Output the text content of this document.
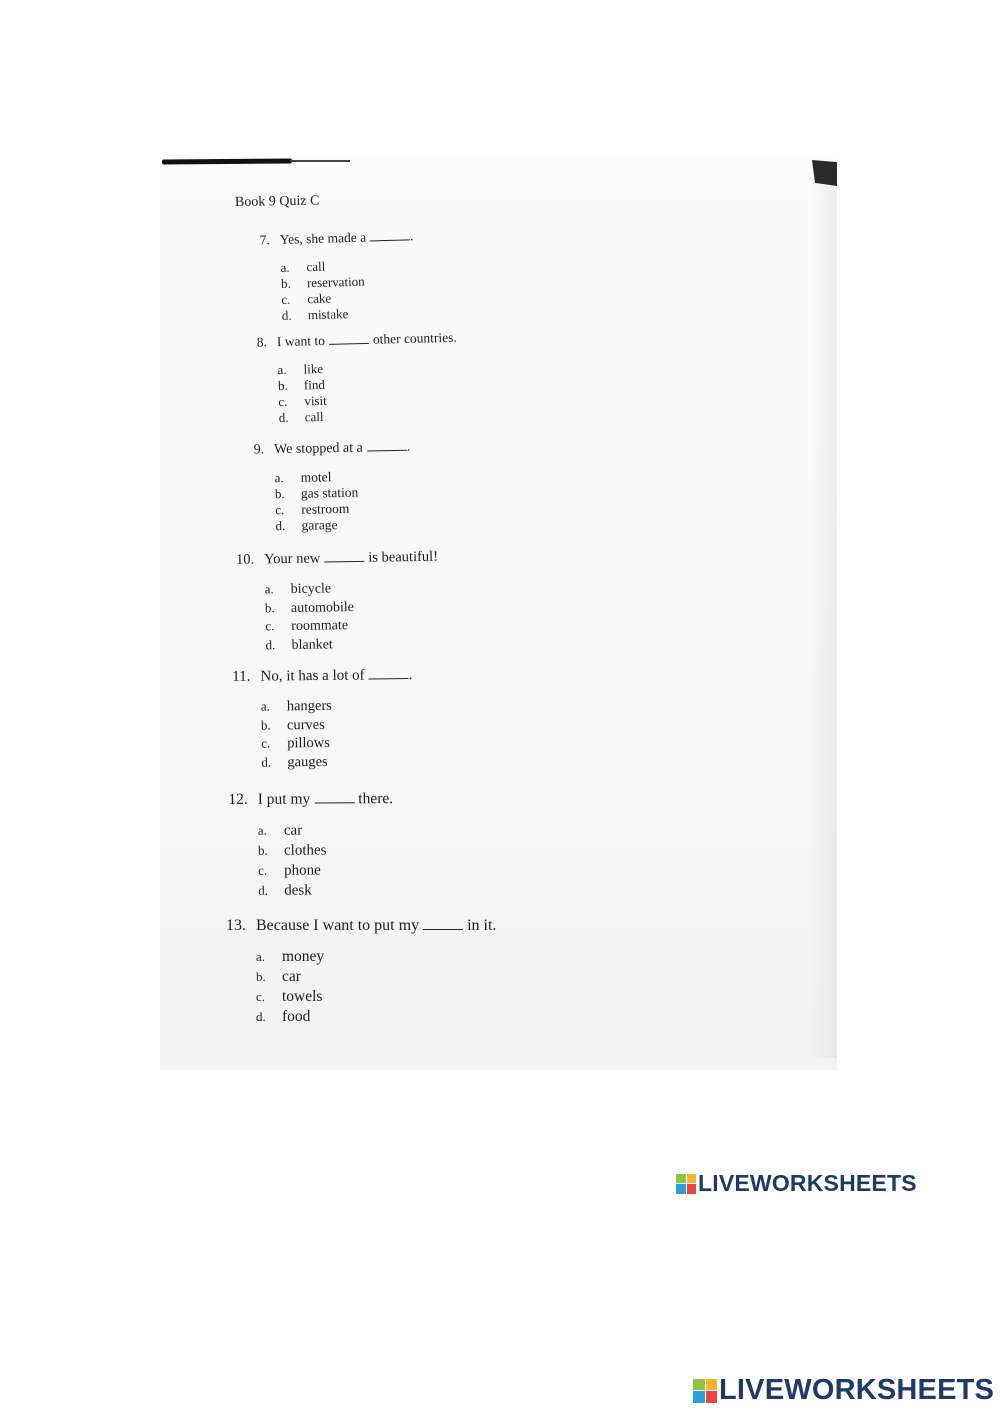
Book 9 Quiz C
7. Yes, she made a	.
a.	call
b.	reservation
c.	cake
d.	mistake
8. I want to	other countries.
a.	like
b.	find
c.	visit
d.	call
9. We stopped at a	.
a.	motel
b.	gas station
c.	restroom
d.	garage
10. Your new	is beautiful!
a.	bicycle
b.	automobile
c.	roommate
d.	blanket
11. No, it has a lot of	.
a.	hangers
b.	curves
c.	pillows
d.	gauges
12. I put my	there.
a.	car
b.	clothes
c.	phone
d.	desk
13. Because I want to put my	in it.
a.	money
b.	car
c.	towels
d.	food
LIVEWORKSHEETS
LIVEWORKSHEETS
